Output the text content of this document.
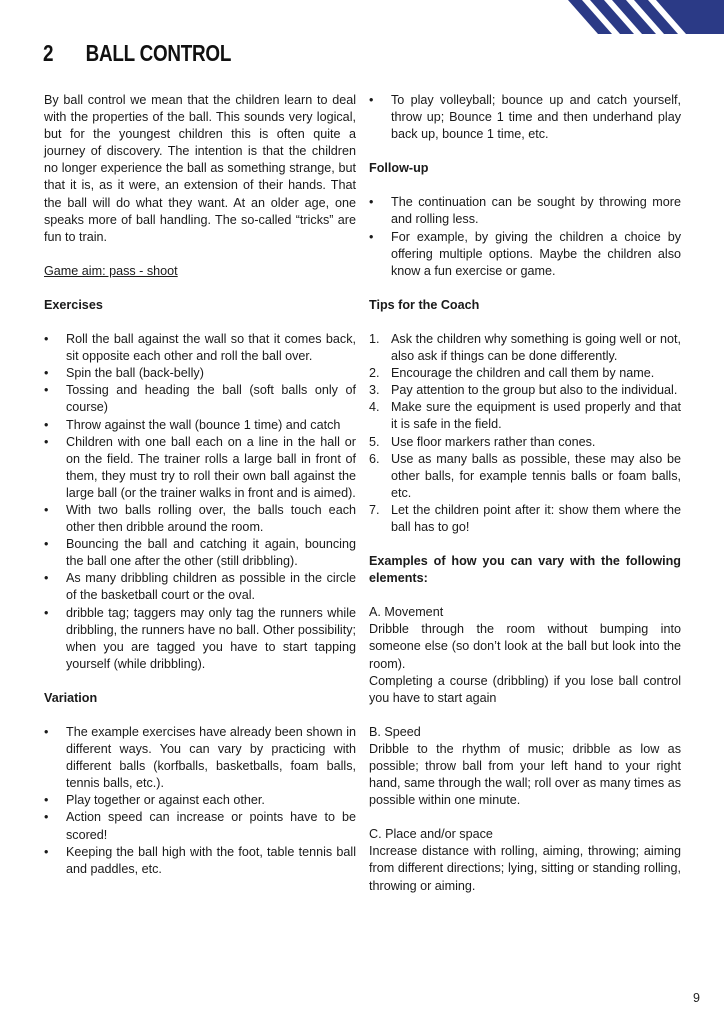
2	BALL CONTROL

By ball control we mean that the children learn to deal with the properties of the ball. This sounds very logical, but for the youngest children this is often quite a journey of discovery. The intention is that the children no longer experience the ball as something strange, but that it is, as it were, an extension of their hands. That the ball will do what they want. At an older age, one speaks more of ball handling. The so-called “tricks” are fun to train.

Game aim: pass - shoot

Exercises
•	Roll the ball against the wall so that it comes back, sit opposite each other and roll the ball over.
•	Spin the ball (back-belly)
•	Tossing and heading the ball (soft balls only of course)
•	Throw against the wall (bounce 1 time) and catch
•	Children with one ball each on a line in the hall or on the field. The trainer rolls a large ball in front of them, they must try to roll their own ball against the large ball (or the trainer walks in front and is aimed).
•	With two balls rolling over, the balls touch each other then dribble around the room.
•	Bouncing the ball and catching it again, bouncing the ball one after the other (still dribbling).
•	As many dribbling children as possible in the circle of the basketball court or the oval.
•	dribble tag; taggers may only tag the runners while dribbling, the runners have no ball. Other possibility; when you are tagged you have to start tapping yourself (while dribbling).
Variation
•	The example exercises have already been shown in different ways. You can vary by practicing with different balls (korfballs, basketballs, foam balls, tennis balls, etc.).
•	Play together or against each other.
•	Action speed can increase or points have to be scored!
•	Keeping the ball high with the foot, table tennis ball and paddles, etc.
•	To play volleyball; bounce up and catch yourself, throw up; Bounce 1 time and then underhand play back up, bounce 1 time, etc.
Follow-up
•	The continuation can be sought by throwing more and rolling less.
•	For example, by giving the children a choice by offering multiple options. Maybe the children also know a fun exercise or game.
Tips for the Coach
1. Ask the children why something is going well or not, also ask if things can be done differently.
2. Encourage the children and call them by name.
3. Pay attention to the group but also to the individual.
4. Make sure the equipment is used properly and that it is safe in the field.
5. Use floor markers rather than cones.
6. Use as many balls as possible, these may also be other balls, for example tennis balls or foam balls, etc.
7. Let the children point after it: show them where the ball has to go!
Examples of how you can vary with the following elements:

A. Movement

Dribble through the room without bumping into someone else (so don’t look at the ball but look into the room).

Completing a course (dribbling) if you lose ball control you have to start again

B. Speed

Dribble to the rhythm of music; dribble as low as possible; throw ball from your left hand to your right hand, same through the wall; roll over as many times as possible within one minute.

C. Place and/or space

Increase distance with rolling, aiming, throwing; aiming from different directions; lying, sitting or standing rolling, throwing or aiming.

9
